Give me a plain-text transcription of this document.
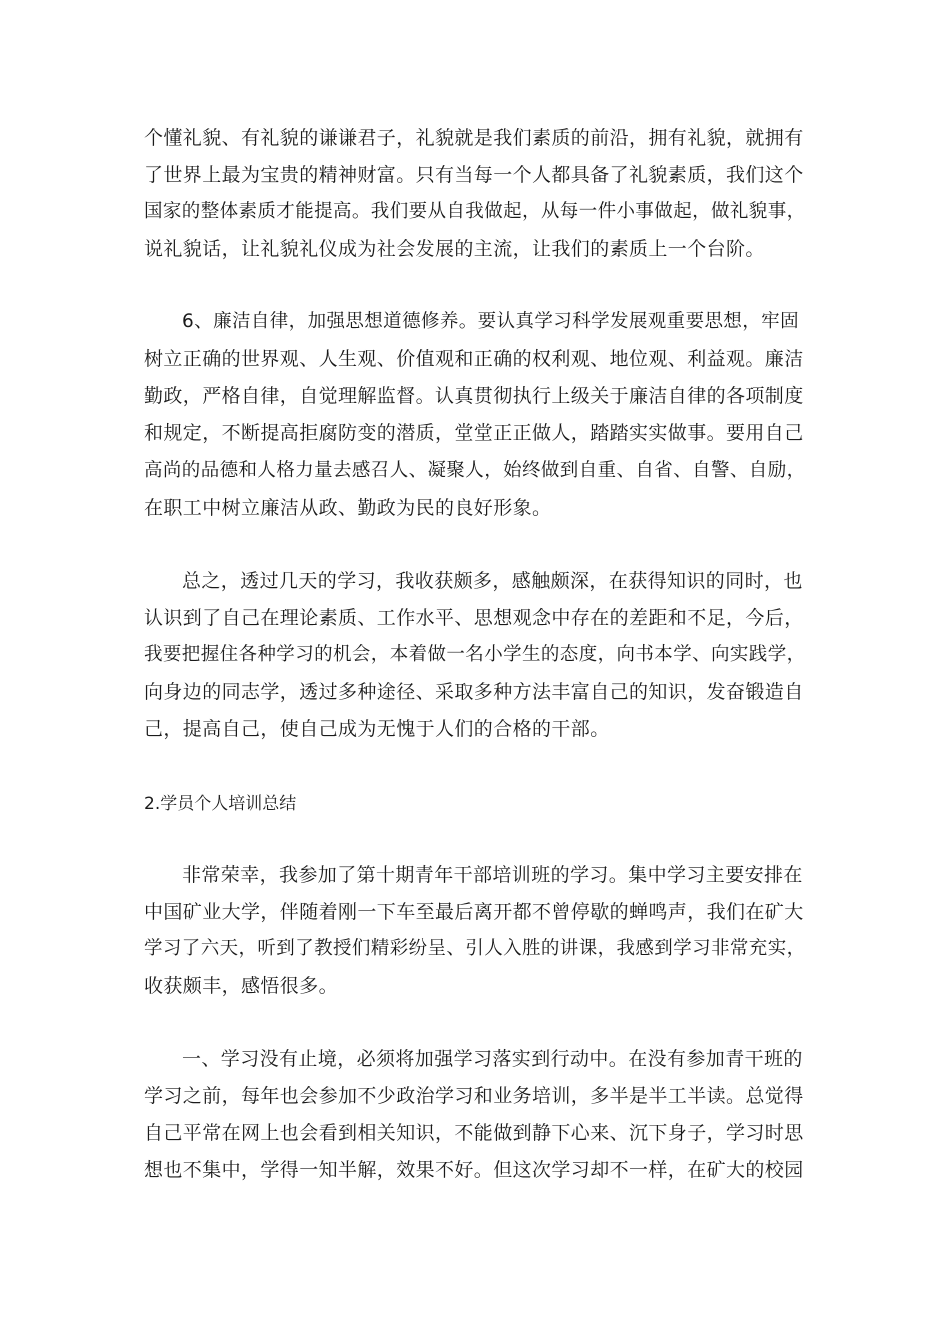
个懂礼貌、有礼貌的谦谦君子，礼貌就是我们素质的前沿，拥有礼貌，就拥有
了世界上最为宝贵的精神财富。只有当每一个人都具备了礼貌素质，我们这个
国家的整体素质才能提高。我们要从自我做起，从每一件小事做起，做礼貌事，
说礼貌话，让礼貌礼仪成为社会发展的主流，让我们的素质上一个台阶。
6、廉洁自律，加强思想道德修养。要认真学习科学发展观重要思想，牢固
树立正确的世界观、人生观、价值观和正确的权利观、地位观、利益观。廉洁
勤政，严格自律，自觉理解监督。认真贯彻执行上级关于廉洁自律的各项制度
和规定，不断提高拒腐防变的潜质，堂堂正正做人，踏踏实实做事。要用自己
高尚的品德和人格力量去感召人、凝聚人，始终做到自重、自省、自警、自励，
在职工中树立廉洁从政、勤政为民的良好形象。
总之，透过几天的学习，我收获颇多，感触颇深，在获得知识的同时，也
认识到了自己在理论素质、工作水平、思想观念中存在的差距和不足，今后，
我要把握住各种学习的机会，本着做一名小学生的态度，向书本学、向实践学，
向身边的同志学，透过多种途径、采取多种方法丰富自己的知识，发奋锻造自
己，提高自己，使自己成为无愧于人们的合格的干部。
2.学员个人培训总结
非常荣幸，我参加了第十期青年干部培训班的学习。集中学习主要安排在
中国矿业大学，伴随着刚一下车至最后离开都不曾停歇的蝉鸣声，我们在矿大
学习了六天，听到了教授们精彩纷呈、引人入胜的讲课，我感到学习非常充实，
收获颇丰，感悟很多。
一、学习没有止境，必须将加强学习落实到行动中。在没有参加青干班的
学习之前，每年也会参加不少政治学习和业务培训，多半是半工半读。总觉得
自己平常在网上也会看到相关知识，不能做到静下心来、沉下身子，学习时思
想也不集中，学得一知半解，效果不好。但这次学习却不一样，在矿大的校园
